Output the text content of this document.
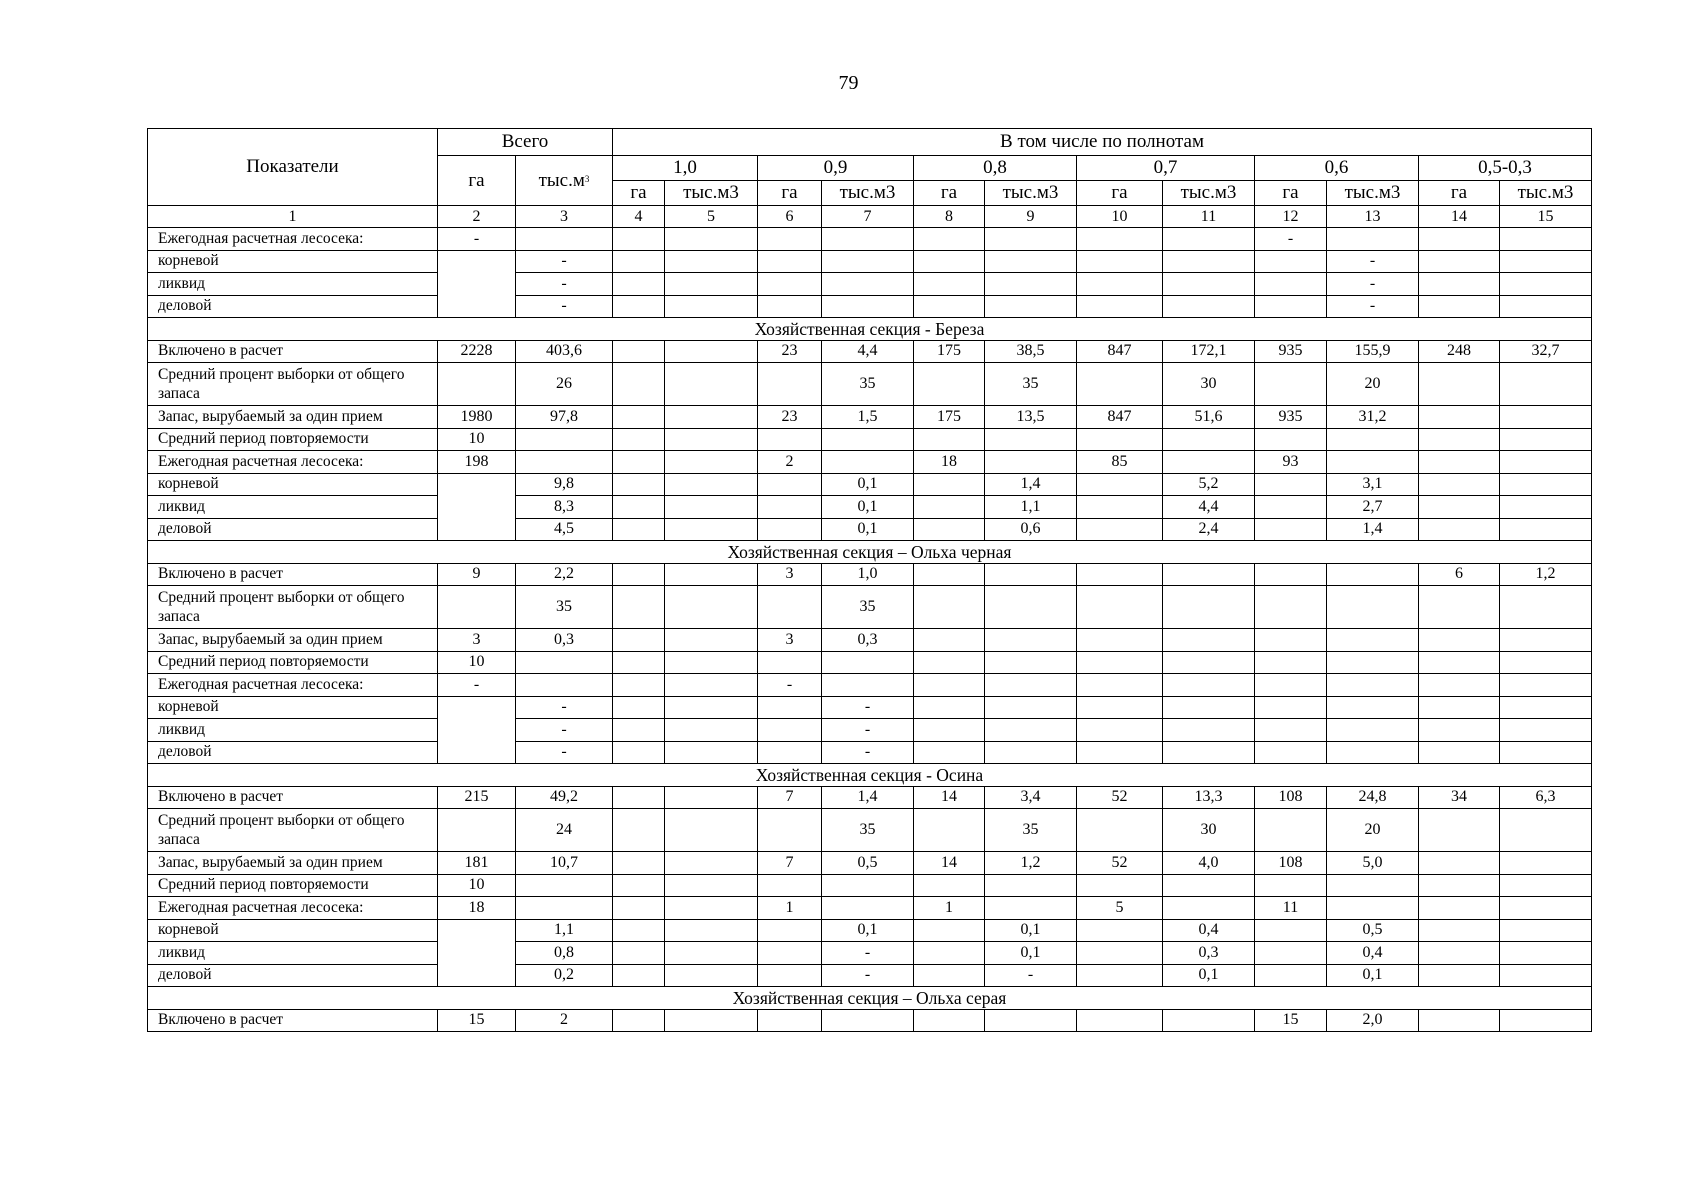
79
Показатели	Всего		В том числе по полнотам											
	га	$тыс.м^3$	1,0		0,9		0,8		0,7		0,6		0,5-0,3	
			га	тыс.м3	га	тыс.м3	га	тыс.м3	га	тыс.м3	га	тыс.м3	га	тыс.м3
1	2	3	4	5	6	7	8	9	10	11	12	13	14	15
Ежегодная расчетная лесосека:	-										-			
корневой		-										-		
ликвид		-										-		
деловой		-										-		
Хозяйственная секция - Береза														
Включено в расчет	2228	403,6			23	4,4	175	38,5	847	172,1	935	155,9	248	32,7
Средний процент выборки от общего запаса		26				35		35		30		20		
Запас, вырубаемый за один прием	1980	97,8			23	1,5	175	13,5	847	51,6	935	31,2		
Средний период повторяемости	10													
Ежегодная расчетная лесосека:	198				2		18		85		93			
корневой		9,8				0,1		1,4		5,2		3,1		
ликвид		8,3				0,1		1,1		4,4		2,7		
деловой		4,5				0,1		0,6		2,4		1,4		
Хозяйственная секция – Ольха черная														
Включено в расчет	9	2,2			3	1,0							6	1,2
Средний процент выборки от общего запаса		35				35								
Запас, вырубаемый за один прием	3	0,3			3	0,3								
Средний период повторяемости	10													
Ежегодная расчетная лесосека:	-				-									
корневой		-				-								
ликвид		-				-								
деловой		-				-								
Хозяйственная секция - Осина														
Включено в расчет	215	49,2			7	1,4	14	3,4	52	13,3	108	24,8	34	6,3
Средний процент выборки от общего запаса		24				35		35		30		20		
Запас, вырубаемый за один прием	181	10,7			7	0,5	14	1,2	52	4,0	108	5,0		
Средний период повторяемости	10													
Ежегодная расчетная лесосека:	18				1		1		5		11			
корневой		1,1				0,1		0,1		0,4		0,5		
ликвид		0,8				-		0,1		0,3		0,4		
деловой		0,2				-		-		0,1		0,1		
Хозяйственная секция – Ольха серая														
Включено в расчет	15	2									15	2,0		
